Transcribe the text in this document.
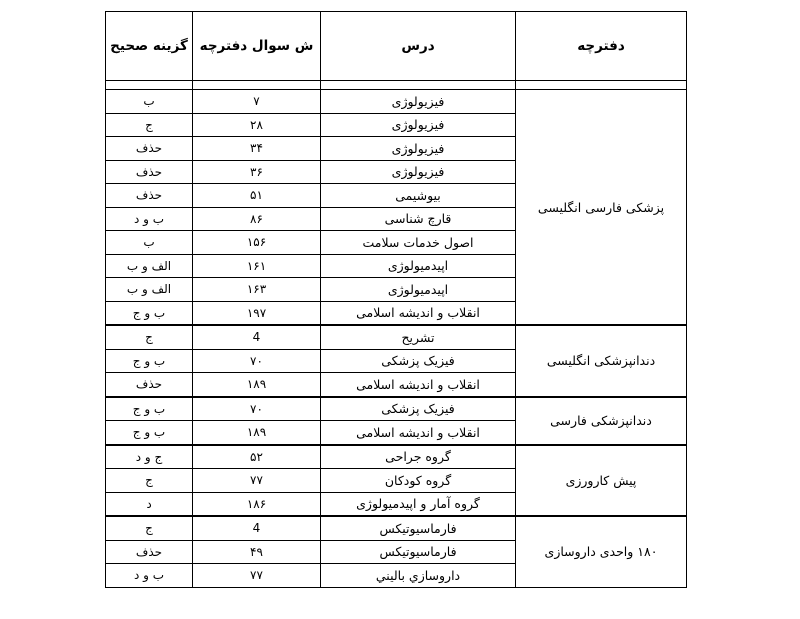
گزینه صحیح	ش سوال دفترچه	درس	دفترچه

ب	۷	فیزیولوژی	پزشکی فارسی انگلیسی
ج	۲۸	فیزیولوژی	
حذف	۳۴	فیزیولوژی	
حذف	۳۶	فیزیولوژی	
حذف	۵۱	بیوشیمی	
ب و د	۸۶	قارچ شناسی	
ب	۱۵۶	اصول خدمات سلامت	
الف و ب	۱۶۱	اپیدمیولوژی	
الف و ب	۱۶۳	اپیدمیولوژی	
ب و ج	۱۹۷	انقلاب و اندیشه اسلامی	
ج	4	تشریح	دندانپزشکی انگلیسی
ب و ج	۷۰	فیزیک پزشکی	
حذف	۱۸۹	انقلاب و اندیشه اسلامی	
ب و ج	۷۰	فیزیک پزشکی	دندانپزشکی فارسی
ب و ج	۱۸۹	انقلاب و اندیشه اسلامی	
ج و د	۵۲	گروه جراحی	پیش کارورزی
ج	۷۷	گروه کودکان	
د	۱۸۶	گروه آمار و اپیدمیولوژی	
ج	4	فارماسیوتیکس	۱۸۰ واحدی داروسازی
حذف	۴۹	فارماسیوتیکس	
ب و د	۷۷	داروسازي باليني	
